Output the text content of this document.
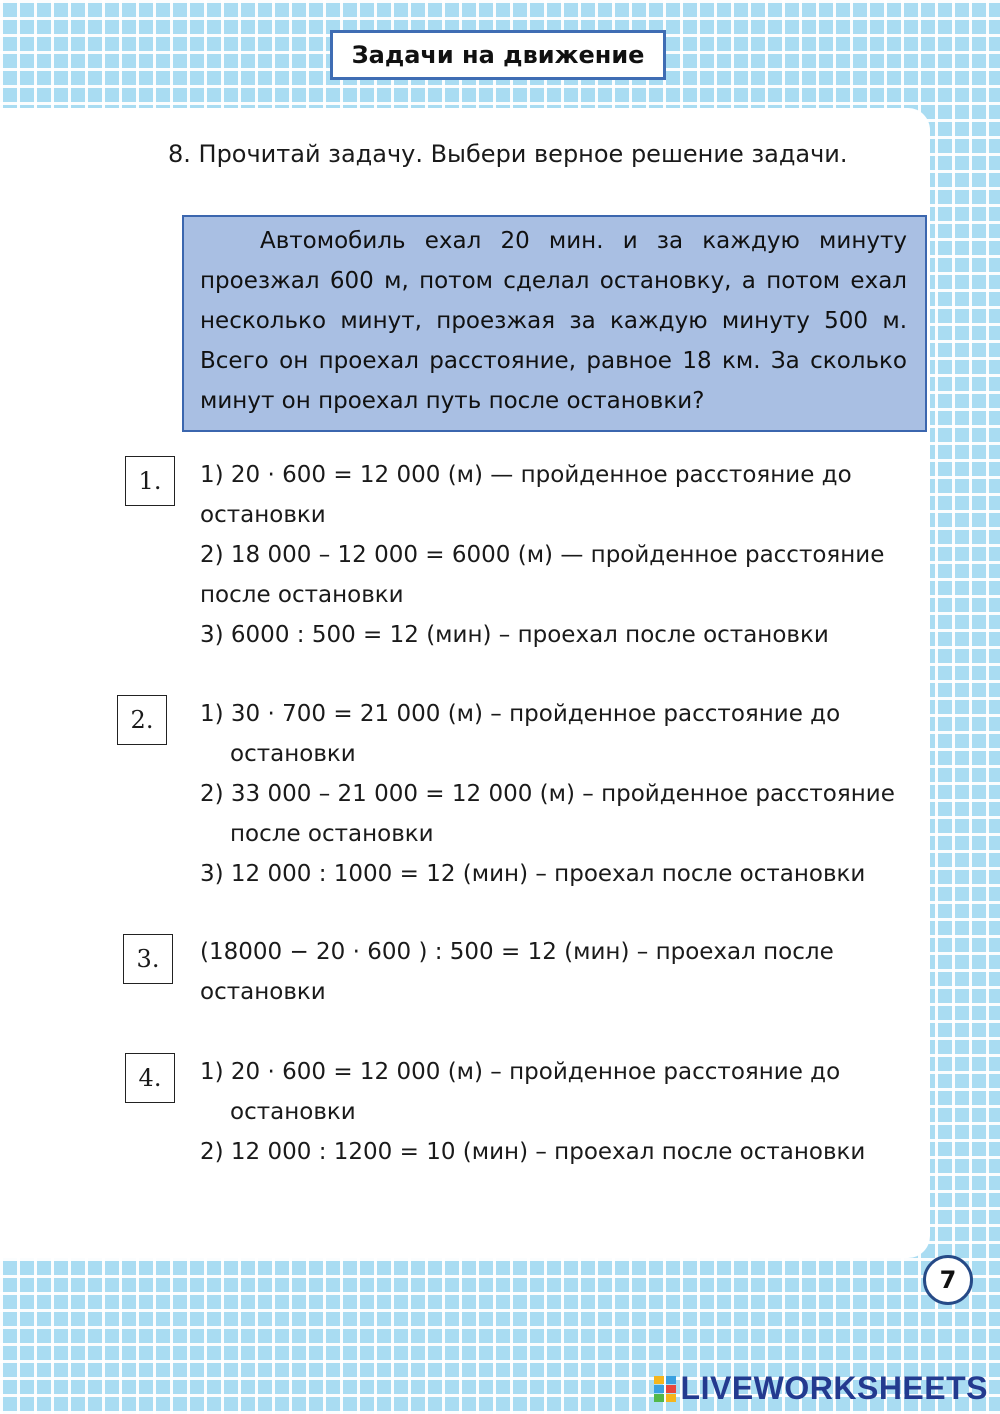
Задачи на движение
8. Прочитай задачу. Выбери верное решение задачи.
Автомобиль ехал 20 мин. и за каждую минуту проезжал 600 м, потом сделал остановку, а потом ехал несколько минут, проезжая за каждую минуту 500 м. Всего он проехал расстояние, равное 18 км. За сколько минут он проехал путь после остановки?
1. 1) 20 · 600 = 12 000 (м) — пройденное расстояние до остановки

2) 18 000 – 12 000 = 6000 (м) — пройденное расстояние после остановки

3) 6000 : 500 = 12 (мин) – проехал после остановки

2. 1) 30 · 700 = 21 000 (м) – пройденное расстояние до остановки

2) 33 000 – 21 000 = 12 000 (м) – пройденное расстояние после остановки

3) 12 000 : 1000 = 12 (мин) – проехал после остановки

3. (18000 − 20 · 600 ) : 500 = 12 (мин) – проехал после остановки

4. 1) 20 · 600 = 12 000 (м) – пройденное расстояние до остановки

2) 12 000 : 1200 = 10 (мин) – проехал после остановки

7
LIVEWORKSHEETS
